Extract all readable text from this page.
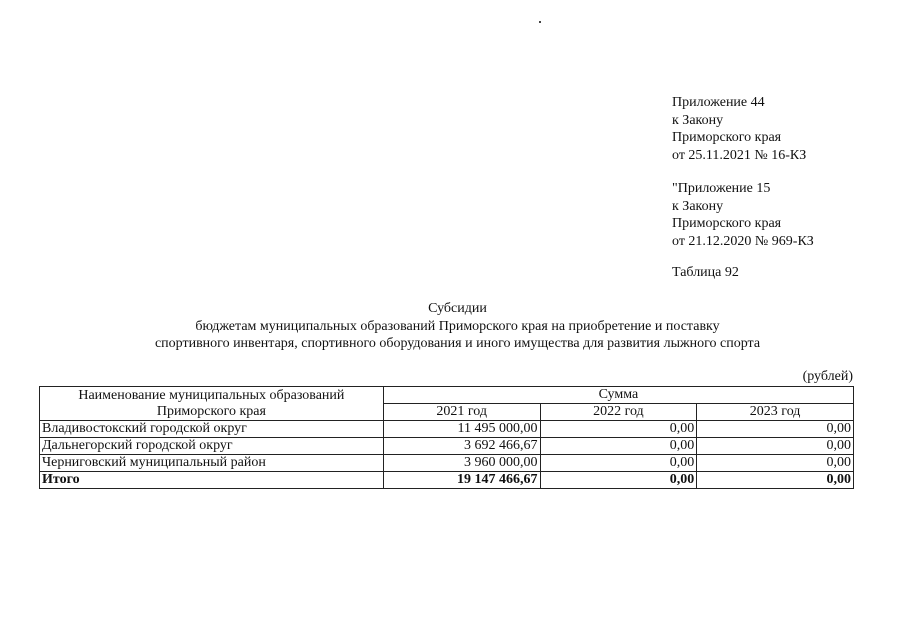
Приложение 44
к Закону
Приморского края
от 25.11.2021 № 16-КЗ
"Приложение 15
к Закону
Приморского края
от 21.12.2020 № 969-КЗ
Таблица 92
Субсидии
бюджетам муниципальных образований Приморского края на приобретение и поставку
спортивного инвентаря, спортивного оборудования и иного имущества для развития лыжного спорта
(рублей)
Наименование муниципальных образований
Приморского края	Сумма		
	2021 год	2022 год	2023 год
Владивостокский городской округ	11 495 000,00	0,00	0,00
Дальнегорский городской округ	3 692 466,67	0,00	0,00
Черниговский муниципальный район	3 960 000,00	0,00	0,00
Итого	19 147 466,67	0,00	0,00
